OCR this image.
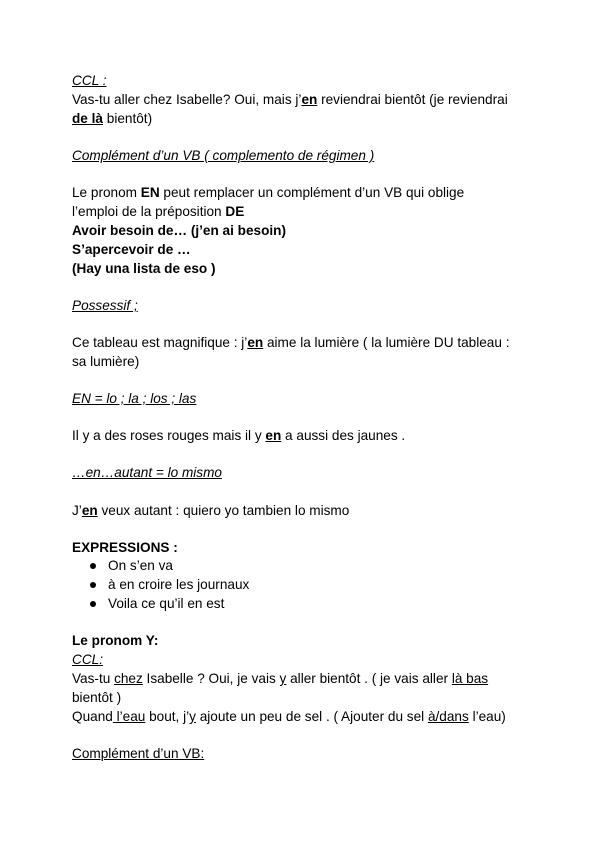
CCL :
Vas-tu aller chez Isabelle? Oui, mais j’en reviendrai bientôt (je reviendrai
de là bientôt)
Complément d’un VB ( complemento de régimen )
Le pronom EN peut remplacer un complément d’un VB qui oblige
l’emploi de la préposition DE
Avoir besoin de… (j’en ai besoin)
S’apercevoir de …
(Hay una lista de eso )
Possessif ;
Ce tableau est magnifique : j’en aime la lumière ( la lumière DU tableau :
sa lumière)
EN = lo ; la ; los ; las
Il y a des roses rouges mais il y en a aussi des jaunes .
…en…autant = lo mismo
J’en veux autant : quiero yo tambien lo mismo
EXPRESSIONS :
On s’en va
à en croire les journaux
Voila ce qu’il en est
Le pronom Y:
CCL:
Vas-tu chez Isabelle ? Oui, je vais y aller bientôt . ( je vais aller là bas
bientôt )
Quand l’eau bout, j’y ajoute un peu de sel . ( Ajouter du sel à/dans l’eau)
Complément d’un VB:
